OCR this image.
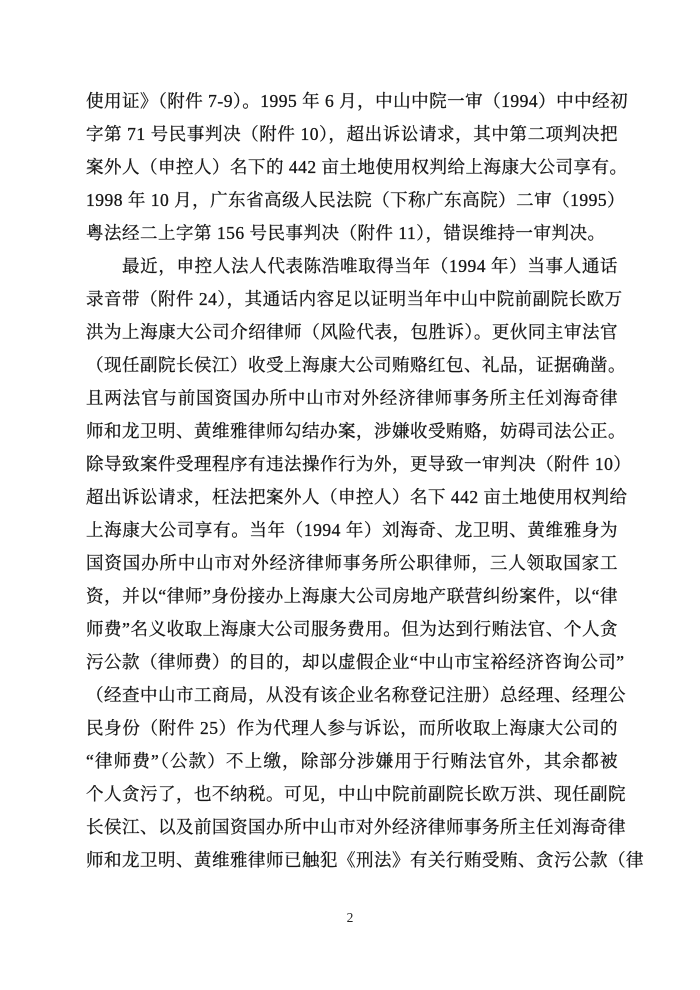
使用证》（附件 7-9）。1995 年 6 月，中山中院一审（1994）中中经初
字第 71 号民事判决（附件 10），超出诉讼请求，其中第二项判决把
案外人（申控人）名下的 442 亩土地使用权判给上海康大公司享有。
1998 年 10 月，广东省高级人民法院（下称广东高院）二审（1995）
粤法经二上字第 156 号民事判决（附件 11），错误维持一审判决。
最近，申控人法人代表陈浩唯取得当年（1994 年）当事人通话
录音带（附件 24），其通话内容足以证明当年中山中院前副院长欧万
洪为上海康大公司介绍律师（风险代表，包胜诉）。更伙同主审法官
（现任副院长侯江）收受上海康大公司贿赂红包、礼品，证据确凿。
且两法官与前国资国办所中山市对外经济律师事务所主任刘海奇律
师和龙卫明、黄维雅律师勾结办案，涉嫌收受贿赂，妨碍司法公正。
除导致案件受理程序有违法操作行为外，更导致一审判决（附件 10）
超出诉讼请求，枉法把案外人（申控人）名下 442 亩土地使用权判给
上海康大公司享有。当年（1994 年）刘海奇、龙卫明、黄维雅身为
国资国办所中山市对外经济律师事务所公职律师，三人领取国家工
资，并以“律师”身份接办上海康大公司房地产联营纠纷案件，以“律
师费”名义收取上海康大公司服务费用。但为达到行贿法官、个人贪
污公款（律师费）的目的，却以虚假企业“中山市宝裕经济咨询公司”
（经查中山市工商局，从没有该企业名称登记注册）总经理、经理公
民身份（附件 25）作为代理人参与诉讼，而所收取上海康大公司的
“律师费”（公款）不上缴，除部分涉嫌用于行贿法官外，其余都被
个人贪污了，也不纳税。可见，中山中院前副院长欧万洪、现任副院
长侯江、以及前国资国办所中山市对外经济律师事务所主任刘海奇律
师和龙卫明、黄维雅律师已触犯《刑法》有关行贿受贿、贪污公款（律
2
